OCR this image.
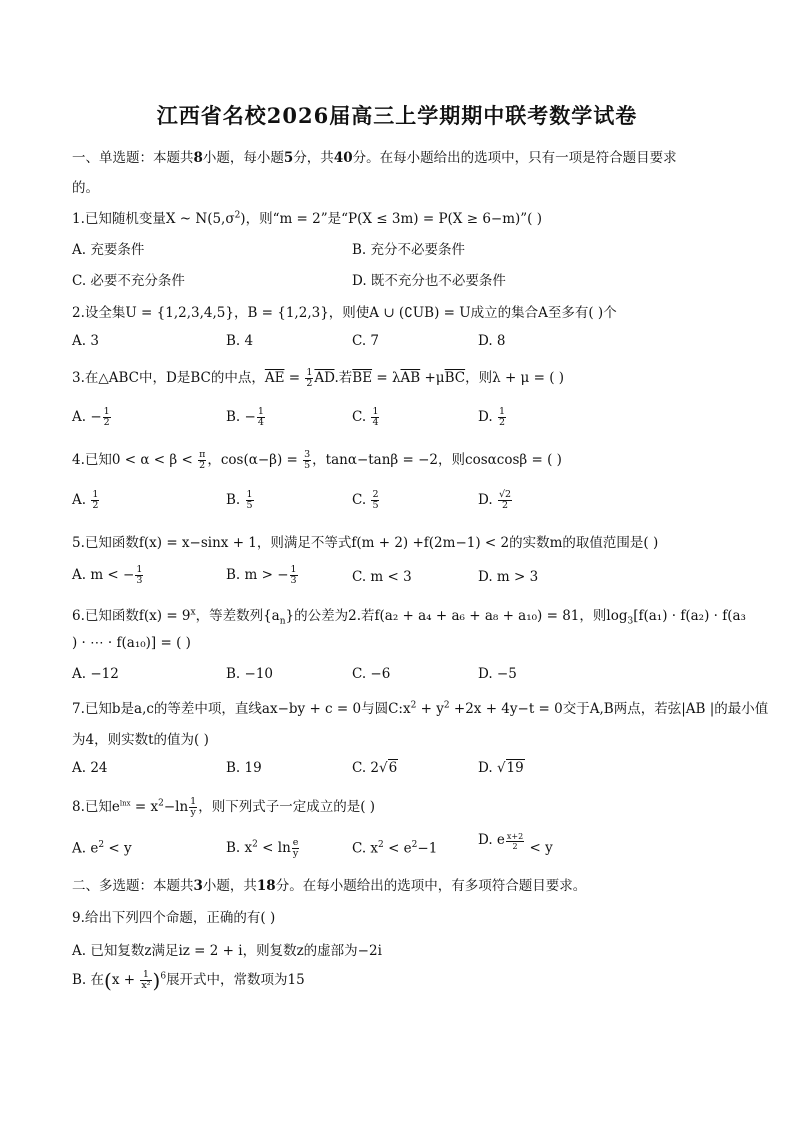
江西省名校2026届高三上学期期中联考数学试卷
一、单选题：本题共8小题，每小题5分，共40分。在每小题给出的选项中，只有一项是符合题目要求
的。
1.已知随机变量X ~ $N(5,\sigma^2)$，则“m = 2”是“P(X ≤ 3m) = P(X ≥ 6−m)”( )
A. 充要条件	B. 充分不必要条件
C. 必要不充分条件	D. 既不充分也不必要条件
2.设全集U = {1,2,3,4,5}，B = {1,2,3}，则使A ∪ (∁UB) = U成立的集合A至多有( )个
A. 3	B. 4	C. 7	D. 8
3.在△ABC中，D是BC的中点，$\overline{AE} = \frac{1}{2} \overline{AD}$.若$\overline{BE} = \lambda\overline{AB} +\mu\overline{BC}$，则λ + μ = ( )
A. − $\frac{1}{2}$	B. − $\frac{1}{4}$	C. $\frac{1}{4}$	D. $\frac{1}{2}$
4.已知$0 < \alpha < \beta < \frac{\pi}{2}$ ，$\cos(\alpha-\beta) = \frac{3}{5}$ ，tanα−tanβ = −2，则cosαcosβ = ( )
A. $\frac{1}{2}$	B. $\frac{1}{5}$	C. $\frac{2}{5}$	D. $\frac{√2}{2}$
5.已知函数f(x) = x−sinx + 1，则满足不等式f(m + 2) +f(2m−1) < 2的实数m的取值范围是( )
A. m < − $\frac{1}{3}$	B. m > − $\frac{1}{3}$	C. m < 3	D. m > 3
6.已知函数$f(x) = 9^x$，等差数列$\{a_n\}$的公差为2.若f(a₂ + a₄ + a₆ + a₈ + a₁₀) = 81，则$\log_3[f(a_1) \cdot f(a_2) \cdot f(a_3$
) · ⋯ · f(a₁₀)] = ( )
A. −12	B. −10	C. −6	D. −5
7.已知b是a,c的等差中项，直线ax−by + c = 0与圆$C:x^2 + y^2 +2x + 4y-t = 0$交于A,B两点，若弦|AB |的最小值
为4，则实数t的值为( )
A. 24	B. 19	C. 2√6	D. √19
8.已知$e^{lnx} = x^2-\ln \frac{1}{y}$ ，则下列式子一定成立的是( )
A. $e^2 < y$	B. $x^2 < \ln \frac{e}{y}$	C. $x^2 < e^2-1$
D. e $\frac{x+2}{2} < y$
二、多选题：本题共3小题，共18分。在每小题给出的选项中，有多项符合题目要求。
9.给出下列四个命题，正确的有( )
A. 已知复数z满足iz = 2 + i，则复数z的虚部为−2i
B. 在$(x + \frac{1}{\text{x²}} )^6$展开式中，常数项为15
